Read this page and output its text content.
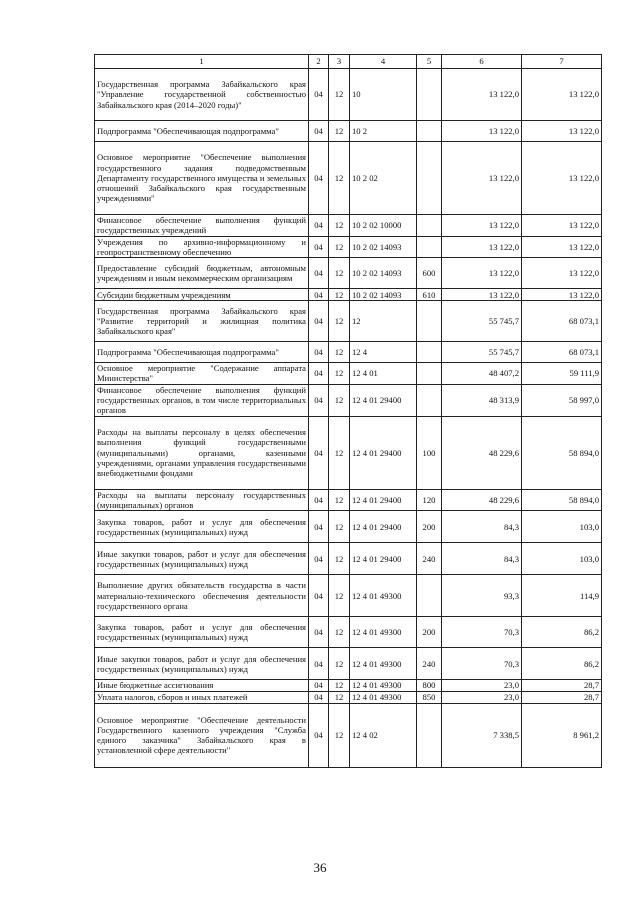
1	2	3	4	5	6	7
Государственная программа Забайкальского края "Управление государственной собственностью Забайкальского края (2014–2020 годы)"	04	12	10		13 122,0	13 122,0
Подпрограмма "Обеспечивающая подпрограмма"	04	12	10 2		13 122,0	13 122,0
Основное мероприятие "Обеспечение выполнения государственного задания подведомственным Департаменту государственного имущества и земельных отношений Забайкальского края государственным учреждениями"	04	12	10 2 02		13 122,0	13 122,0
Финансовое обеспечение выполнения функций государственных учреждений	04	12	10 2 02 10000		13 122,0	13 122,0
Учреждения по архивно-информационному и геопространственному обеспечению	04	12	10 2 02 14093		13 122,0	13 122,0
Предоставление субсидий бюджетным, автономным учреждениям и иным некоммерческим организациям	04	12	10 2 02 14093	600	13 122,0	13 122,0
Субсидии бюджетным учреждениям	04	12	10 2 02 14093	610	13 122,0	13 122,0
Государственная программа Забайкальского края "Развитие территорий и жилищная политика Забайкальского края"	04	12	12		55 745,7	68 073,1
Подпрограмма "Обеспечивающая подпрограмма"	04	12	12 4		55 745,7	68 073,1
Основное мероприятие "Содержание аппарата Министерства"	04	12	12 4 01		48 407,2	59 111,9
Финансовое обеспечение выполнения функций государственных органов, в том числе территориальных органов	04	12	12 4 01 29400		48 313,9	58 997,0
Расходы на выплаты персоналу в целях обеспечения выполнения функций государственными (муниципальными) органами, казенными учреждениями, органами управления государственными внебюджетными фондами	04	12	12 4 01 29400	100	48 229,6	58 894,0
Расходы на выплаты персоналу государственных (муниципальных) органов	04	12	12 4 01 29400	120	48 229,6	58 894,0
Закупка товаров, работ и услуг для обеспечения государственных (муниципальных) нужд	04	12	12 4 01 29400	200	84,3	103,0
Иные закупки товаров, работ и услуг для обеспечения государственных (муниципальных) нужд	04	12	12 4 01 29400	240	84,3	103,0
Выполнение других обязательств государства в части материально-технического обеспечения деятельности государственного органа	04	12	12 4 01 49300		93,3	114,9
Закупка товаров, работ и услуг для обеспечения государственных (муниципальных) нужд	04	12	12 4 01 49300	200	70,3	86,2
Иные закупки товаров, работ и услуг для обеспечения государственных (муниципальных) нужд	04	12	12 4 01 49300	240	70,3	86,2
Иные бюджетные ассигнования	04	12	12 4 01 49300	800	23,0	28,7
Уплата налогов, сборов и иных платежей	04	12	12 4 01 49300	850	23,0	28,7
Основное мероприятие "Обеспечение деятельности Государственного казенного учреждения "Служба единого заказчика" Забайкальского края в установленной сфере деятельности"	04	12	12 4 02		7 338,5	8 961,2
36
